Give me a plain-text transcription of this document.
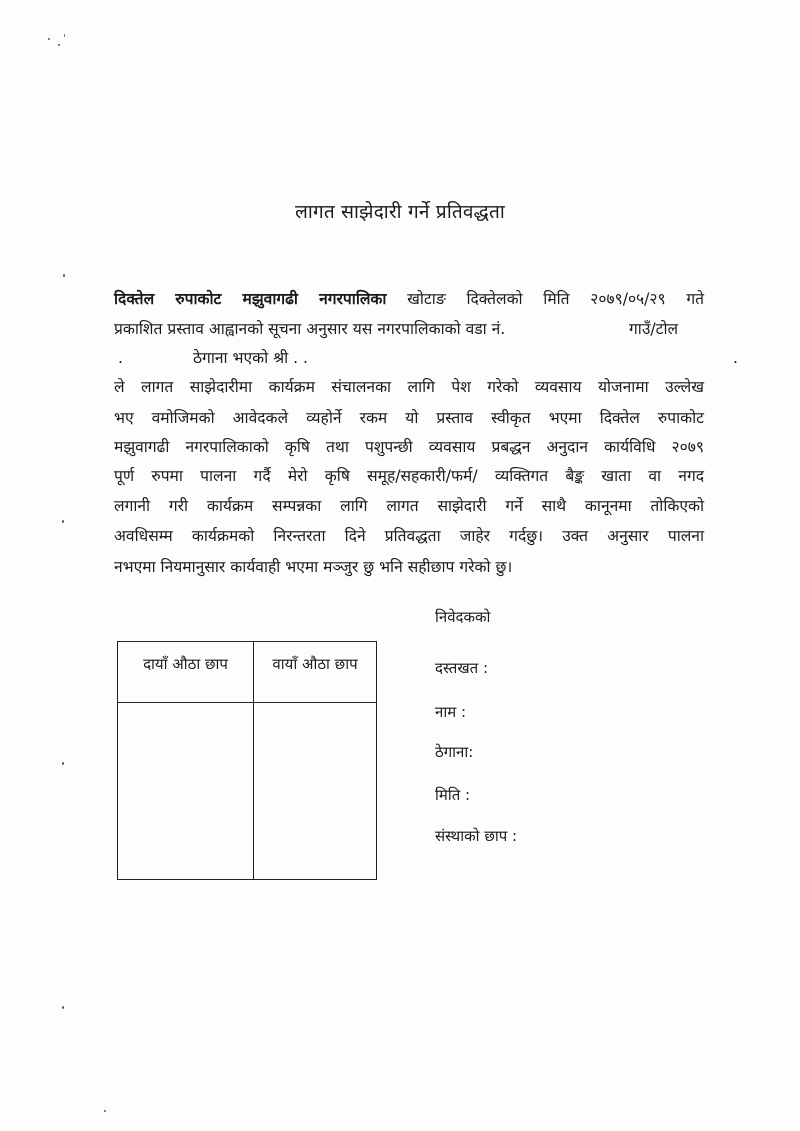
लागत साझेदारी गर्ने प्रतिवद्धता
दिक्तेल रुपाकोट मझुवागढी नगरपालिका खोटाङ दिक्तेलको मिति २०७९/०५/२९ गते
प्रकाशित प्रस्ताव आह्वानको सूचना अनुसार यस नगरपालिकाको वडा नं.	गाउँ/टोल
.	ठेगाना भएको श्री . .	.
ले लागत साझेदारीमा कार्यक्रम संचालनका लागि पेश गरेको व्यवसाय योजनामा उल्लेख
भए वमोजिमको आवेदकले व्यहोर्ने रकम यो प्रस्ताव स्वीकृत भएमा दिक्तेल रुपाकोट
मझुवागढी नगरपालिकाको कृषि तथा पशुपन्छी व्यवसाय प्रबद्धन अनुदान कार्यविधि २०७९
पूर्ण रुपमा पालना गर्दै मेरो कृषि समूह/सहकारी/फर्म/ व्यक्तिगत बैङ्क खाता वा नगद
लगानी गरी कार्यक्रम सम्पन्नका लागि लागत साझेदारी गर्ने साथै कानूनमा तोकिएको
अवधिसम्म कार्यक्रमको निरन्तरता दिने प्रतिवद्धता जाहेर गर्दछु। उक्त अनुसार पालना
नभएमा नियमानुसार कार्यवाही भएमा मञ्जुर छु भनि सहीछाप गरेको छु।
दायाँ औठा छाप	वायाँ औठा छाप
निवेदकको
दस्तखत :
नाम :
ठेगाना:
मिति :
संस्थाको छाप :
